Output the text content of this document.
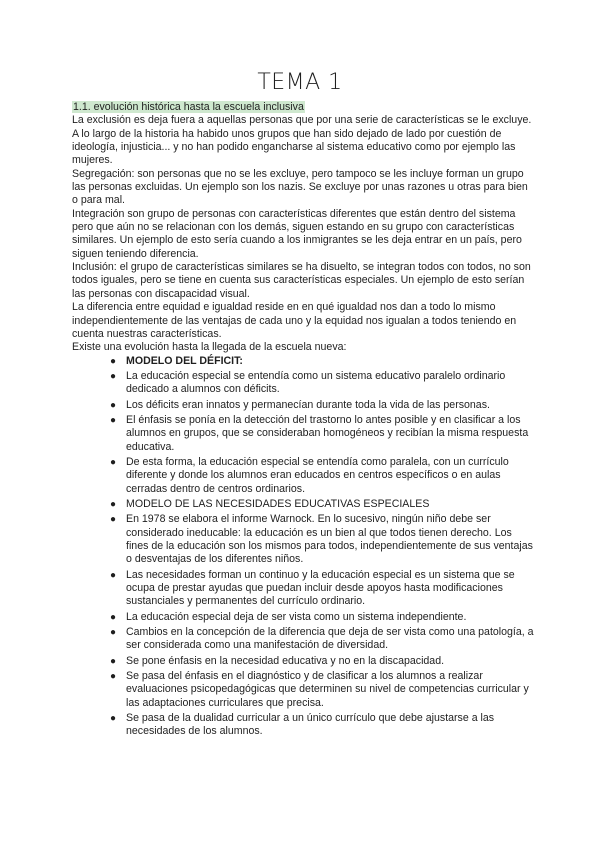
TEMA 1

1.1. evolución histórica hasta la escuela inclusiva

La exclusión es deja fuera a aquellas personas que por una serie de características se le excluye. A lo largo de la historia ha habido unos grupos que han sido dejado de lado por cuestión de ideología, injusticia... y no han podido engancharse al sistema educativo como por ejemplo las mujeres.

Segregación: son personas que no se les excluye, pero tampoco se les incluye forman un grupo las personas excluidas. Un ejemplo son los nazis. Se excluye por unas razones u otras para bien o para mal.

Integración son grupo de personas con características diferentes que están dentro del sistema pero que aún no se relacionan con los demás, siguen estando en su grupo con características similares. Un ejemplo de esto sería cuando a los inmigrantes se les deja entrar en un país, pero siguen teniendo diferencia.

Inclusión: el grupo de características similares se ha disuelto, se integran todos con todos, no son todos iguales, pero se tiene en cuenta sus características especiales. Un ejemplo de esto serían las personas con discapacidad visual.

La diferencia entre equidad e igualdad reside en en qué igualdad nos dan a todo lo mismo independientemente de las ventajas de cada uno y la equidad nos igualan a todos teniendo en cuenta nuestras características.

Existe una evolución hasta la llegada de la escuela nueva:

● MODELO DEL DÉFICIT:
● La educación especial se entendía como un sistema educativo paralelo ordinario dedicado a alumnos con déficits.
● Los déficits eran innatos y permanecían durante toda la vida de las personas.
● El énfasis se ponía en la detección del trastorno lo antes posible y en clasificar a los alumnos en grupos, que se consideraban homogéneos y recibían la misma respuesta educativa.
● De esta forma, la educación especial se entendía como paralela, con un currículo diferente y donde los alumnos eran educados en centros específicos o en aulas cerradas dentro de centros ordinarios.
● MODELO DE LAS NECESIDADES EDUCATIVAS ESPECIALES
● En 1978 se elabora el informe Warnock. En lo sucesivo, ningún niño debe ser considerado ineducable: la educación es un bien al que todos tienen derecho. Los fines de la educación son los mismos para todos, independientemente de sus ventajas o desventajas de los diferentes niños.
● Las necesidades forman un continuo y la educación especial es un sistema que se ocupa de prestar ayudas que puedan incluir desde apoyos hasta modificaciones sustanciales y permanentes del currículo ordinario.
● La educación especial deja de ser vista como un sistema independiente.
● Cambios en la concepción de la diferencia que deja de ser vista como una patología, a ser considerada como una manifestación de diversidad.
● Se pone énfasis en la necesidad educativa y no en la discapacidad.
● Se pasa del énfasis en el diagnóstico y de clasificar a los alumnos a realizar evaluaciones psicopedagógicas que determinen su nivel de competencias curricular y las adaptaciones curriculares que precisa.
● Se pasa de la dualidad curricular a un único currículo que debe ajustarse a las necesidades de los alumnos.
